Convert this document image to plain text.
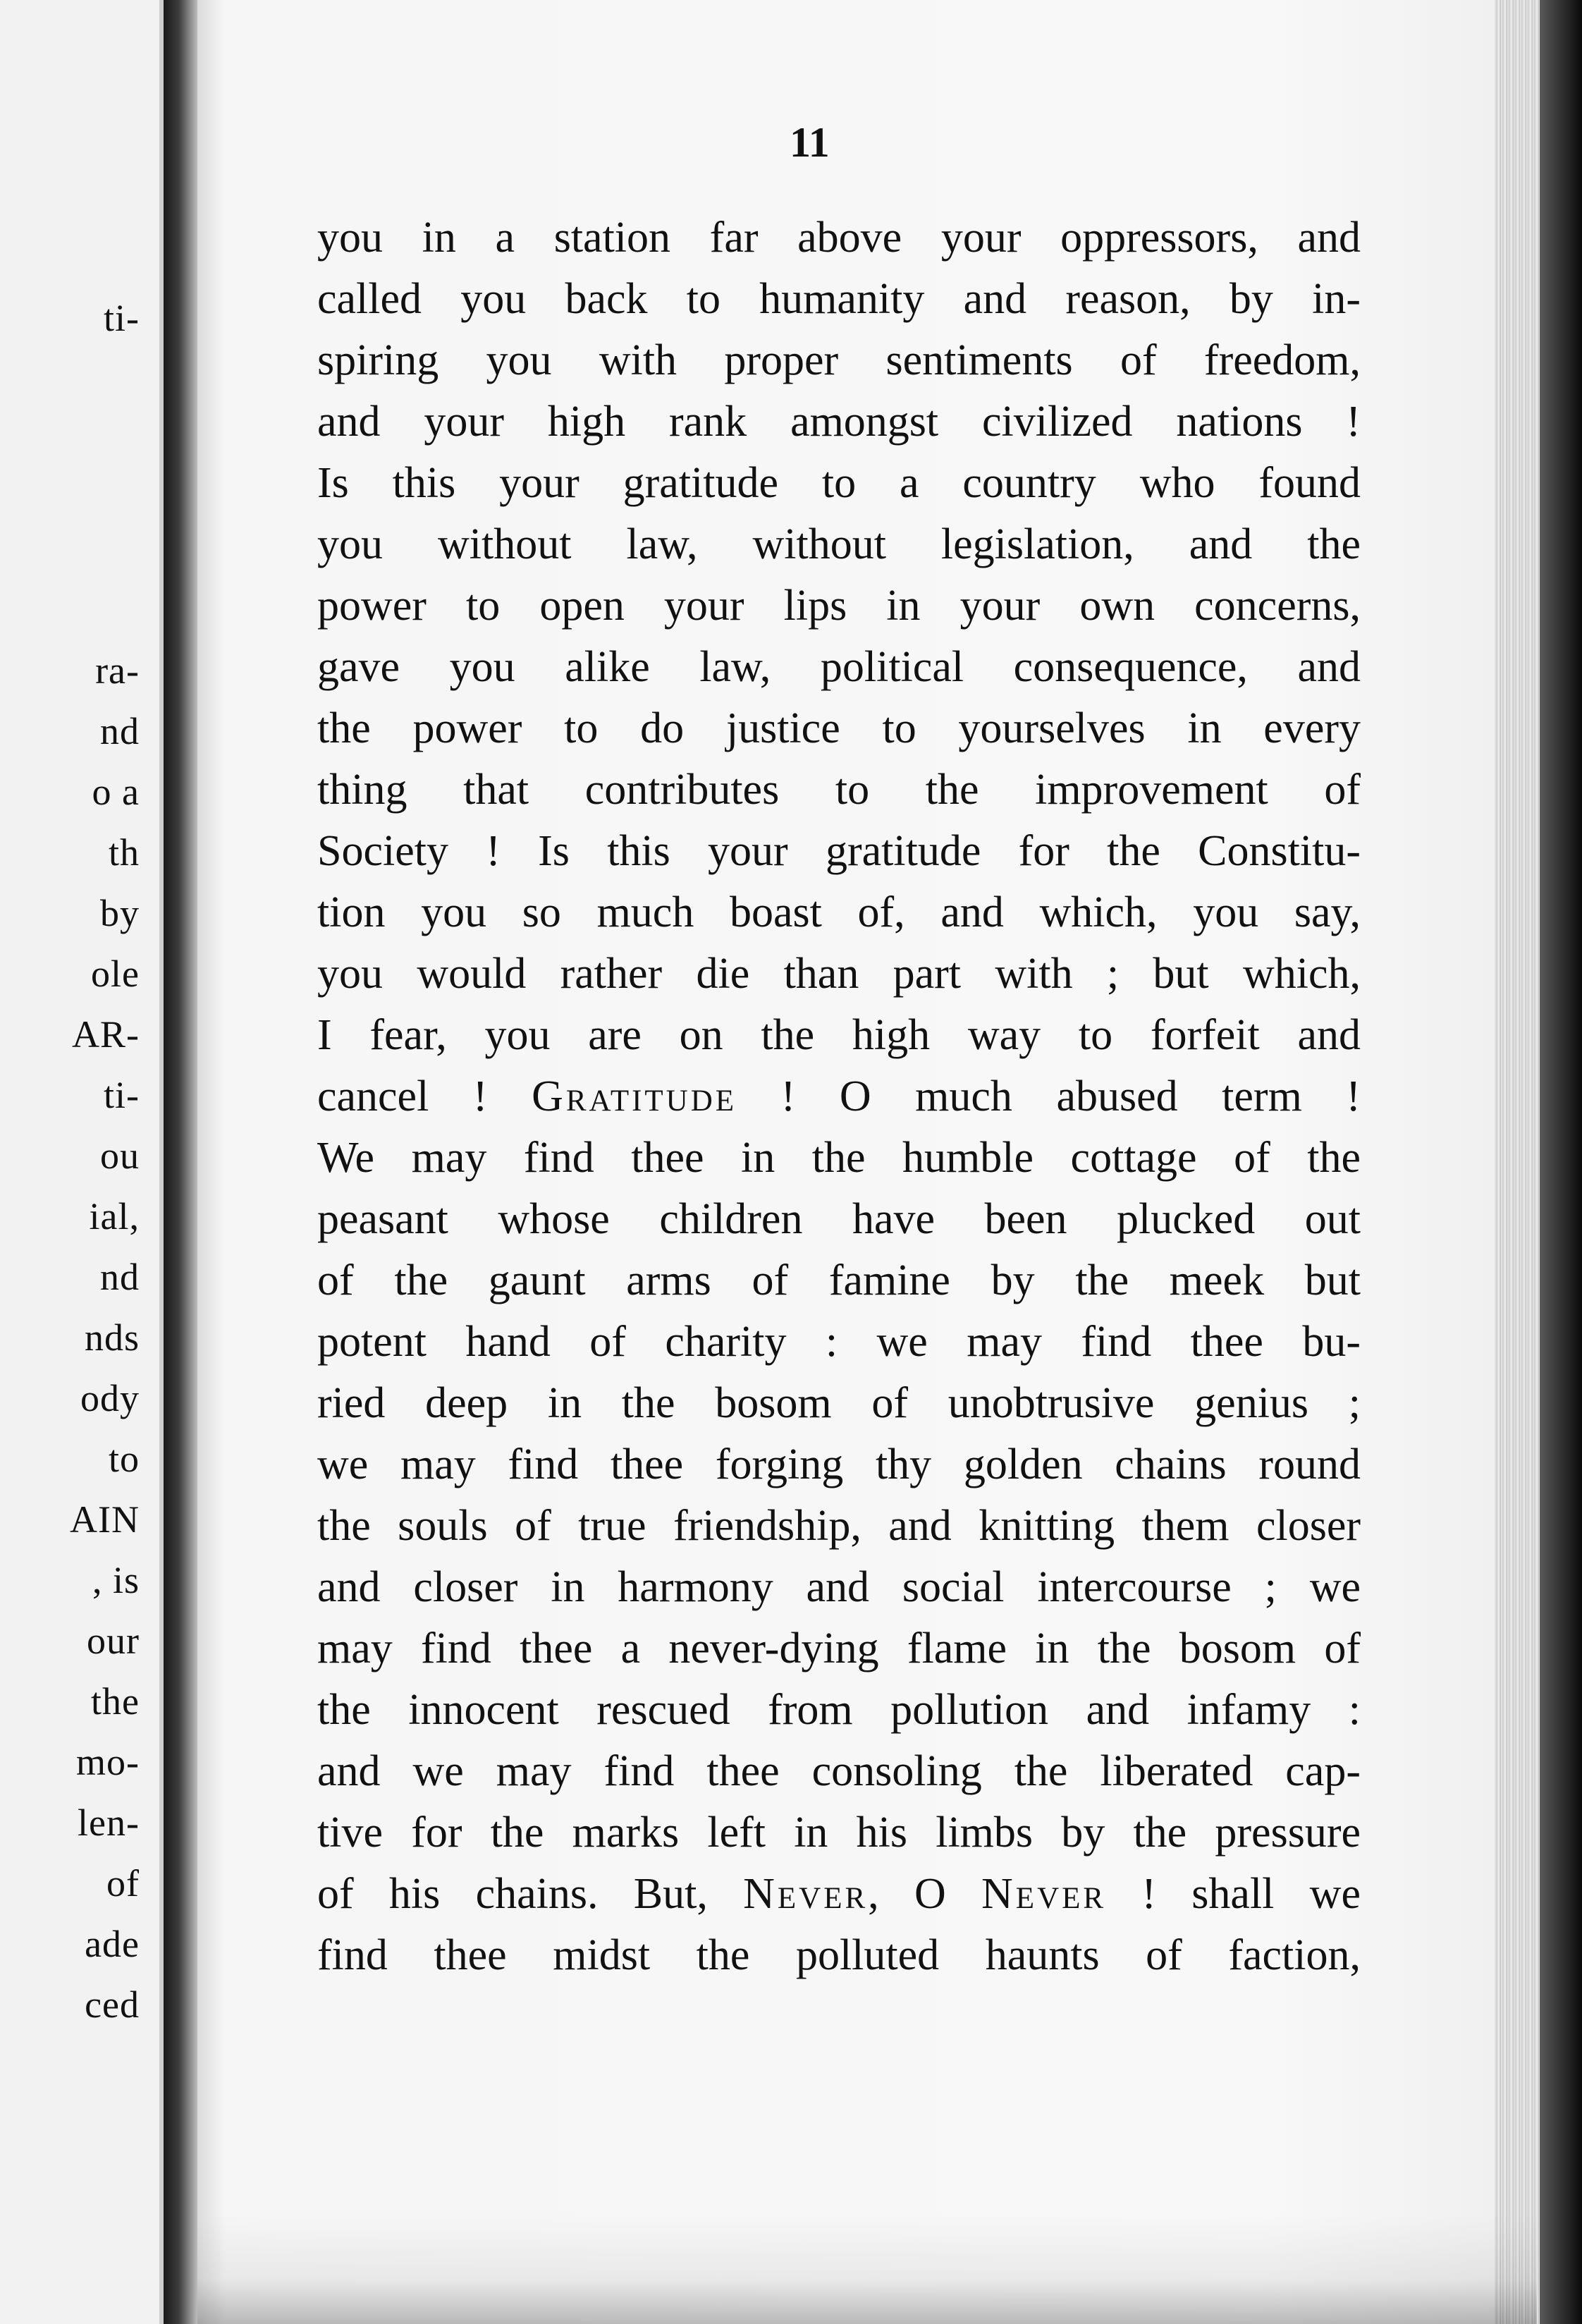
ti-
ra-
nd
o a
th
by
ole
AR-
ti-
ou
ial,
nd
nds
ody
to
AIN
, is
our
the
mo-
len-
of
ade
ced
11
you in a station far above your oppressors, and
called you back to humanity and reason, by in-
spiring you with proper sentiments of freedom,
and your high rank amongst civilized nations !
Is this your gratitude to a country who found
you without law, without legislation, and the
power to open your lips in your own concerns,
gave you alike law, political consequence, and
the power to do justice to yourselves in every
thing that contributes to the improvement of
Society ! Is this your gratitude for the Constitu-
tion you so much boast of, and which, you say,
you would rather die than part with ; but which,
I fear, you are on the high way to forfeit and
cancel ! Gratitude ! O much abused term !
We may find thee in the humble cottage of the
peasant whose children have been plucked out
of the gaunt arms of famine by the meek but
potent hand of charity : we may find thee bu-
ried deep in the bosom of unobtrusive genius ;
we may find thee forging thy golden chains round
the souls of true friendship, and knitting them closer
and closer in harmony and social intercourse ; we
may find thee a never-dying flame in the bosom of
the innocent rescued from pollution and infamy :
and we may find thee consoling the liberated cap-
tive for the marks left in his limbs by the pressure
of his chains. But, Never, O Never ! shall we
find thee midst the polluted haunts of faction,
